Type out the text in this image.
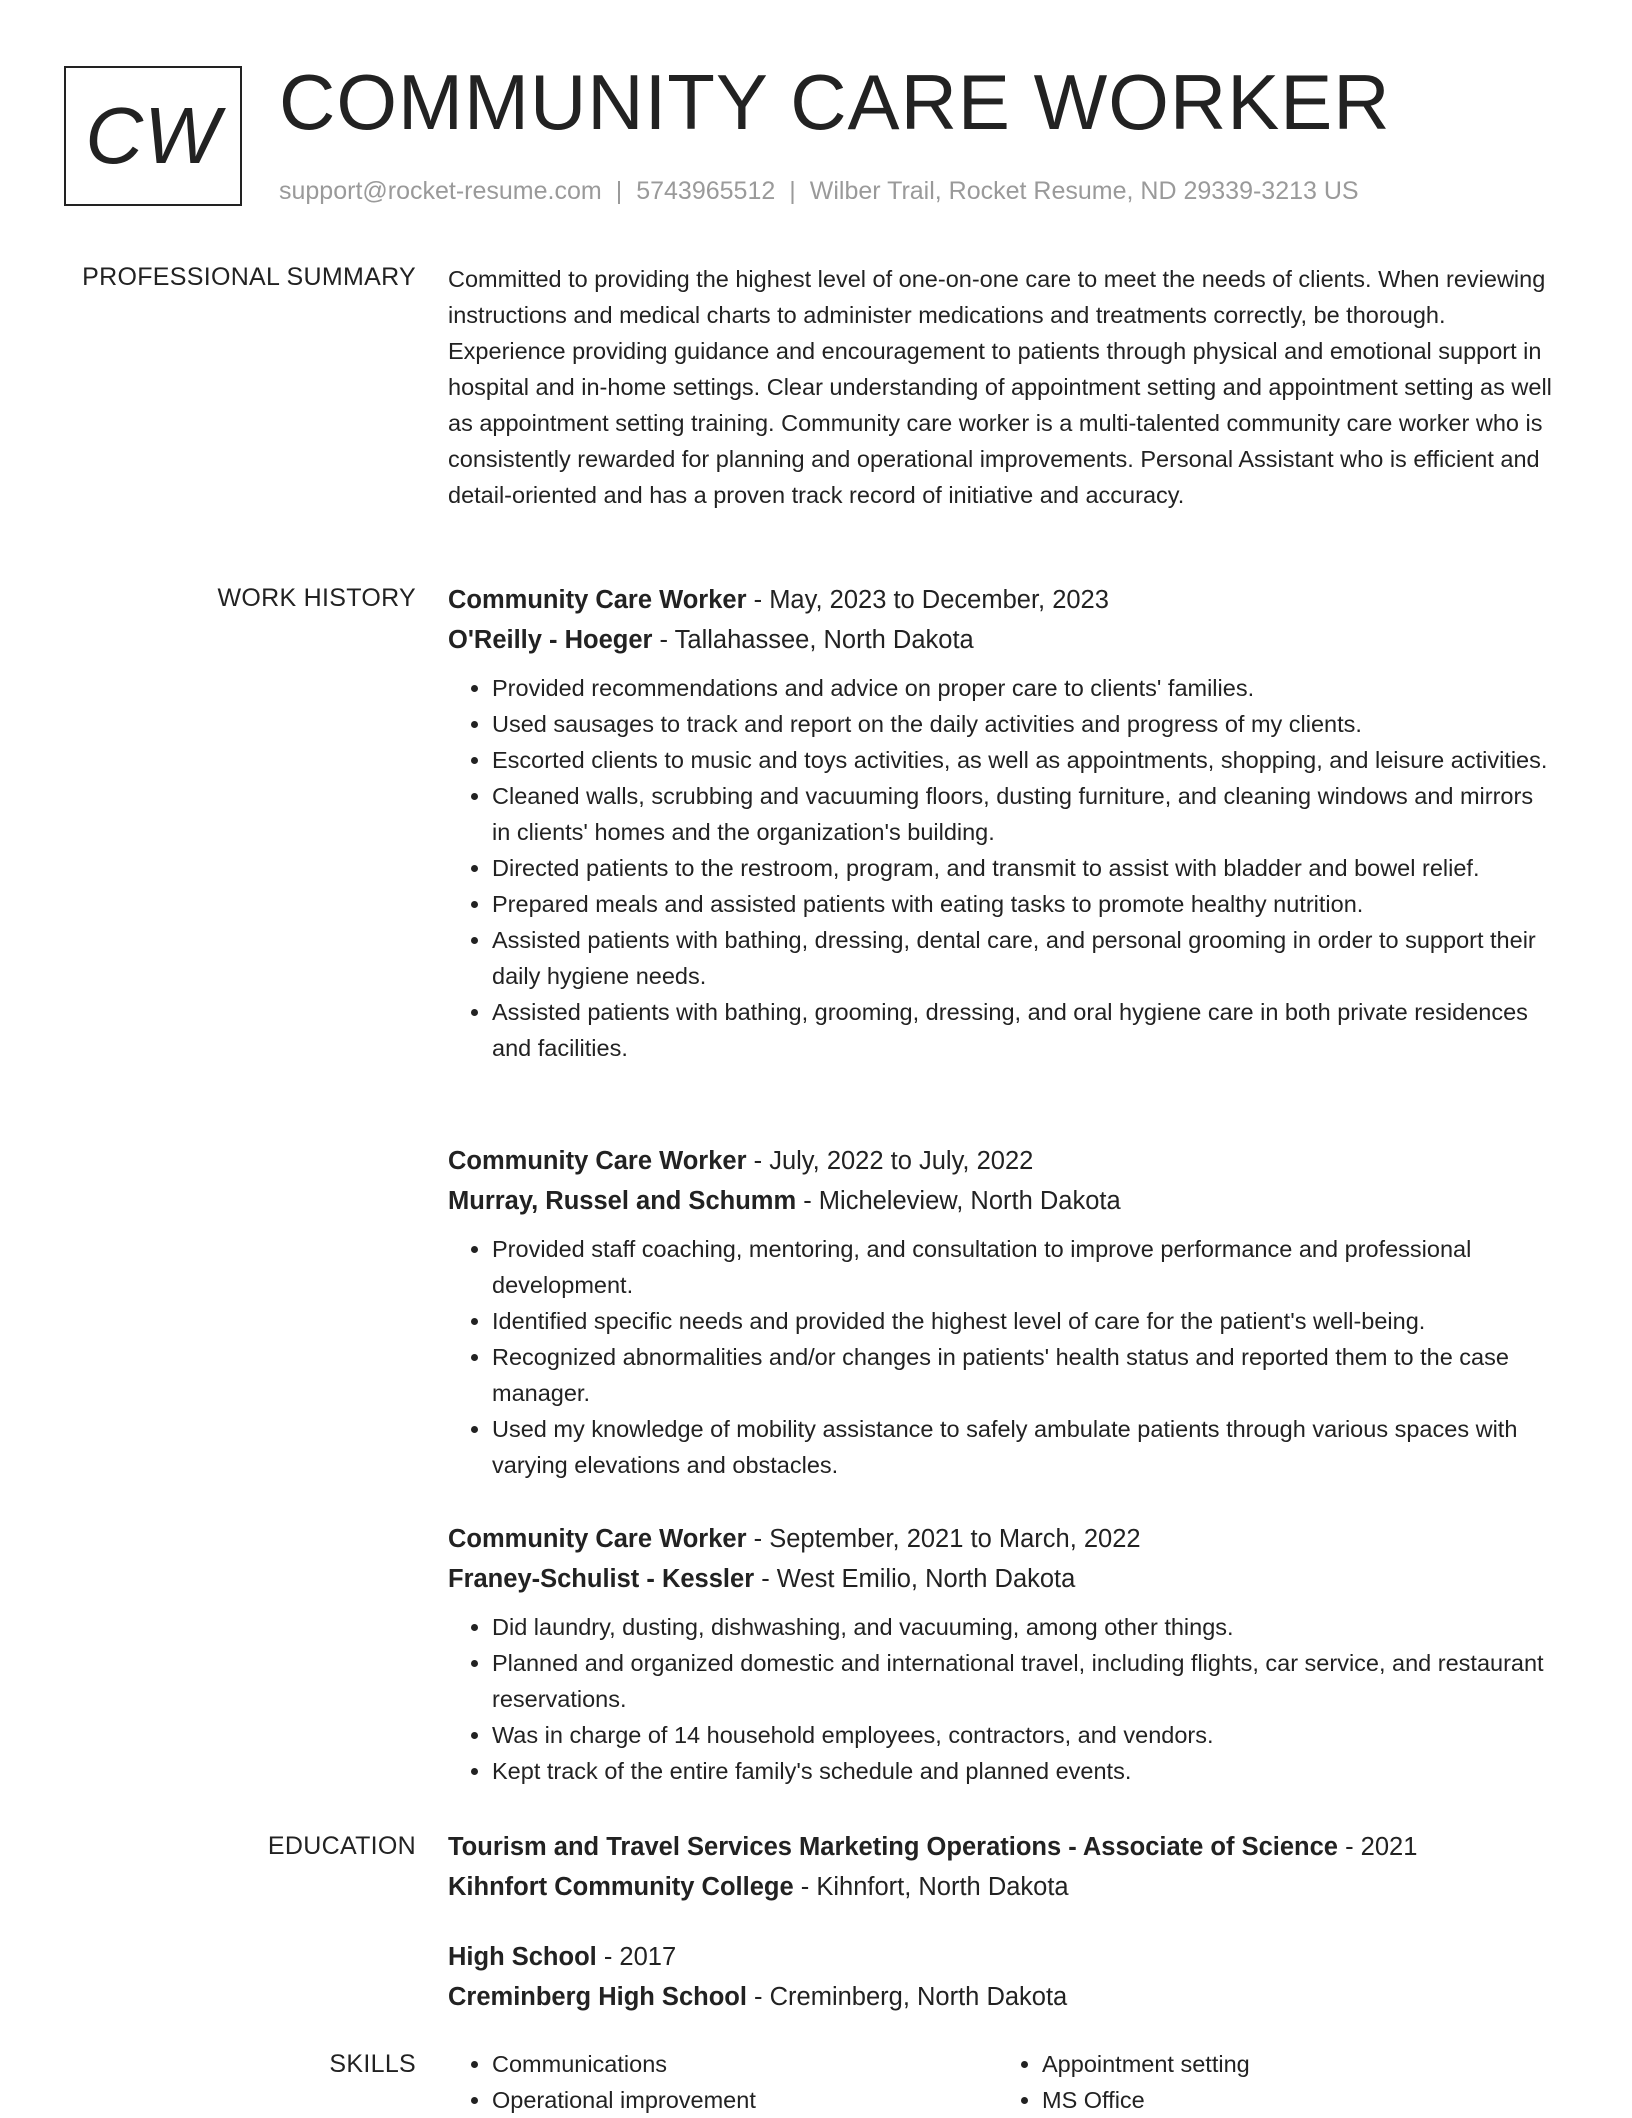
CW COMMUNITY CARE WORKER
support@rocket-resume.com | 5743965512 | Wilber Trail, Rocket Resume, ND 29339-3213 US
PROFESSIONAL SUMMARY Committed to providing the highest level of one-on-one care to meet the needs of clients. When reviewing instructions and medical charts to administer medications and treatments correctly, be thorough. Experience providing guidance and encouragement to patients through physical and emotional support in hospital and in-home settings. Clear understanding of appointment setting and appointment setting as well as appointment setting training. Community care worker is a multi-talented community care worker who is consistently rewarded for planning and operational improvements. Personal Assistant who is efficient and detail-oriented and has a proven track record of initiative and accuracy.

WORK HISTORY Community Care Worker - May, 2023 to December, 2023
O'Reilly - Hoeger - Tallahassee, North Dakota
• Provided recommendations and advice on proper care to clients' families.
• Used sausages to track and report on the daily activities and progress of my clients.
• Escorted clients to music and toys activities, as well as appointments, shopping, and leisure activities.
• Cleaned walls, scrubbing and vacuuming floors, dusting furniture, and cleaning windows and mirrors in clients' homes and the organization's building.
• Directed patients to the restroom, program, and transmit to assist with bladder and bowel relief.
• Prepared meals and assisted patients with eating tasks to promote healthy nutrition.
• Assisted patients with bathing, dressing, dental care, and personal grooming in order to support their daily hygiene needs.
• Assisted patients with bathing, grooming, dressing, and oral hygiene care in both private residences and facilities.
Community Care Worker - July, 2022 to July, 2022
Murray, Russel and Schumm - Micheleview, North Dakota
• Provided staff coaching, mentoring, and consultation to improve performance and professional development.
• Identified specific needs and provided the highest level of care for the patient's well-being.
• Recognized abnormalities and/or changes in patients' health status and reported them to the case manager.
• Used my knowledge of mobility assistance to safely ambulate patients through various spaces with varying elevations and obstacles.
Community Care Worker - September, 2021 to March, 2022
Franey-Schulist - Kessler - West Emilio, North Dakota
• Did laundry, dusting, dishwashing, and vacuuming, among other things.
• Planned and organized domestic and international travel, including flights, car service, and restaurant reservations.
• Was in charge of 14 household employees, contractors, and vendors.
• Kept track of the entire family's schedule and planned events.
EDUCATION Tourism and Travel Services Marketing Operations - Associate of Science - 2021
Kihnfort Community College - Kihnfort, North Dakota
High School - 2017
Creminberg High School - Creminberg, North Dakota
SKILLS
•	Communications
• Operational improvement
• Appointment setting
• MS Office
